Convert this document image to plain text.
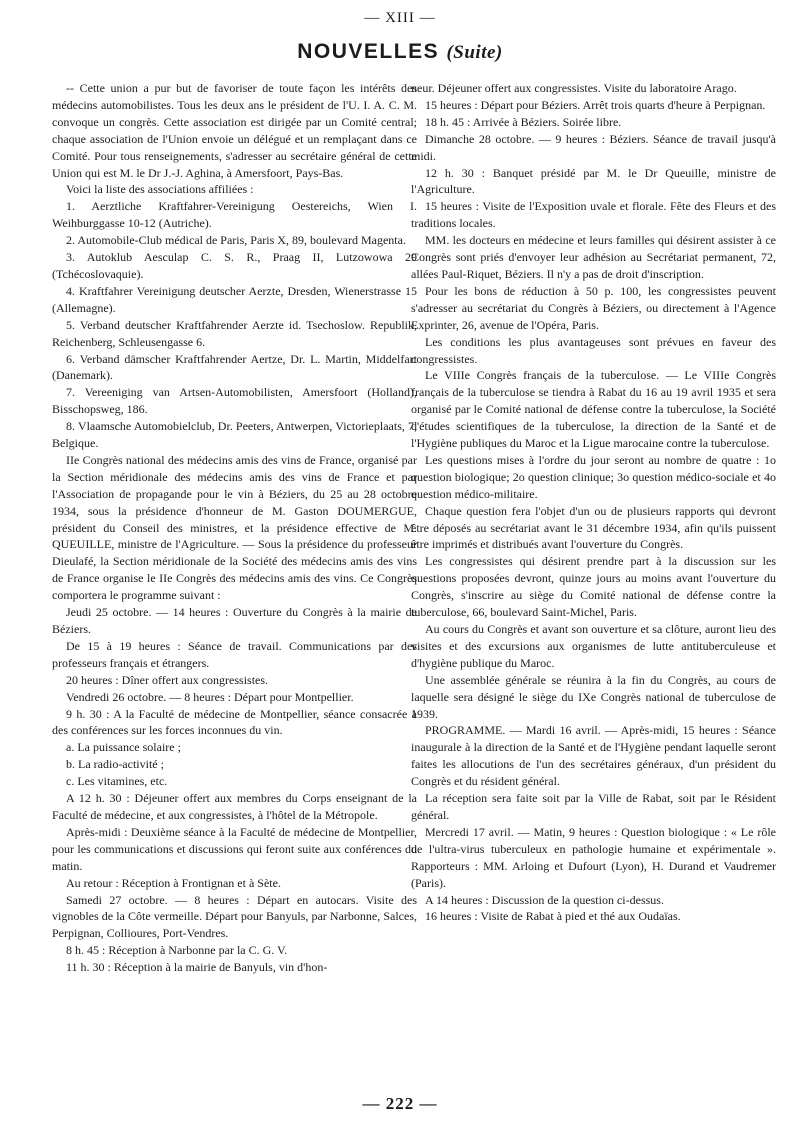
— XIII —
NOUVELLES (Suite)

-- Cette union a pur but de favoriser de toute façon les intérêts des médecins automobilistes. Tous les deux ans le président de l'U. I. A. C. M. convoque un congrès. Cette association est dirigée par un Comité central; chaque association de l'Union envoie un délégué et un remplaçant dans ce Comité. Pour tous renseignements, s'adresser au secrétaire général de cette Union qui est M. le Dr J.-J. Aghina, à Amersfoort, Pays-Bas.

Voici la liste des associations affiliées :

1. Aerztliche Kraftfahrer-Vereinigung Oestereichs, Wien I. Weihburggasse 10-12 (Autriche).

2. Automobile-Club médical de Paris, Paris X, 89, boulevard Magenta.

3. Autoklub Aesculap C. S. R., Praag II, Lutzowowa 29 (Tchécoslovaquie).

4. Kraftfahrer Vereinigung deutscher Aerzte, Dresden, Wienerstrasse 15 (Allemagne).

5. Verband deutscher Kraftfahrender Aerzte id. Tsechoslow. Republik, Reichenberg, Schleusengasse 6.

6. Verband dämscher Kraftfahrender Aertze, Dr. L. Martin, Middelfart (Danemark).

7. Vereeniging van Artsen-Automobilisten, Amersfoort (Holland), Bisschopsweg, 186.

8. Vlaamsche Automobielclub, Dr. Peeters, Antwerpen, Victorieplaats, 7, Belgique.

IIe Congrès national des médecins amis des vins de France, organisé par la Section méridionale des médecins amis des vins de France et par l'Association de propagande pour le vin à Béziers, du 25 au 28 octobre 1934, sous la présidence d'honneur de M. Gaston DOUMERGUE, président du Conseil des ministres, et la présidence effective de M. QUEUILLE, ministre de l'Agriculture. — Sous la présidence du professeur Dieulafé, la Section méridionale de la Société des médecins amis des vins de France organise le IIe Congrès des médecins amis des vins. Ce Congrès comportera le programme suivant :

Jeudi 25 octobre. — 14 heures : Ouverture du Congrès à la mairie de Béziers.

De 15 à 19 heures : Séance de travail. Communications par des professeurs français et étrangers.

20 heures : Dîner offert aux congressistes.

Vendredi 26 octobre. — 8 heures : Départ pour Montpellier.

9 h. 30 : A la Faculté de médecine de Montpellier, séance consacrée à des conférences sur les forces inconnues du vin.

a. La puissance solaire ;

b. La radio-activité ;

c. Les vitamines, etc.

A 12 h. 30 : Déjeuner offert aux membres du Corps enseignant de la Faculté de médecine, et aux congressistes, à l'hôtel de la Métropole.

Après-midi : Deuxième séance à la Faculté de médecine de Montpellier, pour les communications et discussions qui feront suite aux conférences du matin.

Au retour : Réception à Frontignan et à Sète.

Samedi 27 octobre. — 8 heures : Départ en autocars. Visite des vignobles de la Côte vermeille. Départ pour Banyuls, par Narbonne, Salces, Perpignan, Collioures, Port-Vendres.

8 h. 45 : Réception à Narbonne par la C. G. V.

11 h. 30 : Réception à la mairie de Banyuls, vin d'hon-

neur. Déjeuner offert aux congressistes. Visite du laboratoire Arago.

15 heures : Départ pour Béziers. Arrêt trois quarts d'heure à Perpignan.

18 h. 45 : Arrivée à Béziers. Soirée libre.

Dimanche 28 octobre. — 9 heures : Béziers. Séance de travail jusqu'à midi.

12 h. 30 : Banquet présidé par M. le Dr Queuille, ministre de l'Agriculture.

15 heures : Visite de l'Exposition uvale et florale. Fête des Fleurs et des traditions locales.

MM. les docteurs en médecine et leurs familles qui désirent assister à ce Congrès sont priés d'envoyer leur adhésion au Secrétariat permanent, 72, allées Paul-Riquet, Béziers. Il n'y a pas de droit d'inscription.

Pour les bons de réduction à 50 p. 100, les congressistes peuvent s'adresser au secrétariat du Congrès à Béziers, ou directement à l'Agence Exprinter, 26, avenue de l'Opéra, Paris.

Les conditions les plus avantageuses sont prévues en faveur des congressistes.

Le VIIIe Congrès français de la tuberculose. — Le VIIIe Congrès français de la tuberculose se tiendra à Rabat du 16 au 19 avril 1935 et sera organisé par le Comité national de défense contre la tuberculose, la Société d'études scientifiques de la tuberculose, la direction de la Santé et de l'Hygiène publiques du Maroc et la Ligue marocaine contre la tuberculose.

Les questions mises à l'ordre du jour seront au nombre de quatre : 1o question biologique; 2o question clinique; 3o question médico-sociale et 4o question médico-militaire.

Chaque question fera l'objet d'un ou de plusieurs rapports qui devront être déposés au secrétariat avant le 31 décembre 1934, afin qu'ils puissent être imprimés et distribués avant l'ouverture du Congrès.

Les congressistes qui désirent prendre part à la discussion sur les questions proposées devront, quinze jours au moins avant l'ouverture du Congrès, s'inscrire au siège du Comité national de défense contre la tuberculose, 66, boulevard Saint-Michel, Paris.

Au cours du Congrès et avant son ouverture et sa clôture, auront lieu des visites et des excursions aux organismes de lutte antituberculeuse et d'hygiène publique du Maroc.

Une assemblée générale se réunira à la fin du Congrès, au cours de laquelle sera désigné le siège du IXe Congrès national de tuberculose de 1939.

PROGRAMME. — Mardi 16 avril. — Après-midi, 15 heures : Séance inaugurale à la direction de la Santé et de l'Hygiène pendant laquelle seront faites les allocutions de l'un des secrétaires généraux, d'un président du Congrès et du résident général.

La réception sera faite soit par la Ville de Rabat, soit par le Résident général.

Mercredi 17 avril. — Matin, 9 heures : Question biologique : « Le rôle de l'ultra-virus tuberculeux en pathologie humaine et expérimentale ». Rapporteurs : MM. Arloing et Dufourt (Lyon), H. Durand et Vaudremer (Paris).

A 14 heures : Discussion de la question ci-dessus.

16 heures : Visite de Rabat à pied et thé aux Oudaïas.

— 222 —
